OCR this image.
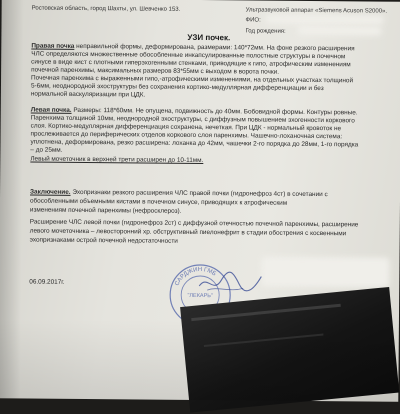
Ростовская область, город Шахты, ул. Шевченко 153.	Ультразвуковой аппарат «Siemens Acuson S2000».
ФИО:
Год рождения:
УЗИ почек.
Правая почка неправильной формы, деформирована, размерами: 140*72мм. На фоне резкого расширения
ЧЛС определяются множественные обособленные инкапсулированные полостные структуры в почечном
синусе в виде кист с плотными гиперэхогенными стенками, приводящие к гипо, атрофическим изменениям
почечной паренхимы, максимальных размеров 83*55мм с выходом в ворота почки.
Почечная паренхима с выраженными гипо,-атрофическими изменениями, на отдельных участках толщиной
5-6мм, неоднородной эхоструктуры без сохранения кортико-медуллярная дифференциации и без
нормальной васкуляризации при ЦДК.
Левая почка. Размеры: 118*60мм. Не опущена, подвижность до 40мм. Бобовидной формы. Контуры ровные.
Паренхима толщиной 10мм, неоднородной эхоструктуры, с диффузным повышением эхогенности коркового
слоя. Кортико-медуллярная дифференциация сохранена, нечеткая. При ЦДК - нормальный кровоток не
прослеживается до периферических отделов коркового слоя паренхимы. Чашечно-лоханочная система:
уплотнена, деформирована, резко расширена: лоханка до 42мм, чашечки 2-го порядка до 28мм, 1-го порядка
– до 25мм.
Левый мочеточник в верхней трети расширен до 10-11мм.
Заключение. Эхопризнаки резкого расширения ЧЛС правой почки (гидронефроз 4ст) в сочетании с
обособленными объемными кистами в почечном синусе, приводящих к атрофическим
изменениям почечной паренхимы (нефросклероз).
Расширение ЧЛС левой почки (гидронефроз 2ст) с диффузной отечностью почечной паренхимы, расширение
левого мочеточника – левосторонний хр. обструктивный пиелонефрит в стадии обострения с косвенными
эхопризнаками острой почечной недостаточности
06.09.2017г.	САРДЖИН ГМБ
"ЛЕКАРЬ"
